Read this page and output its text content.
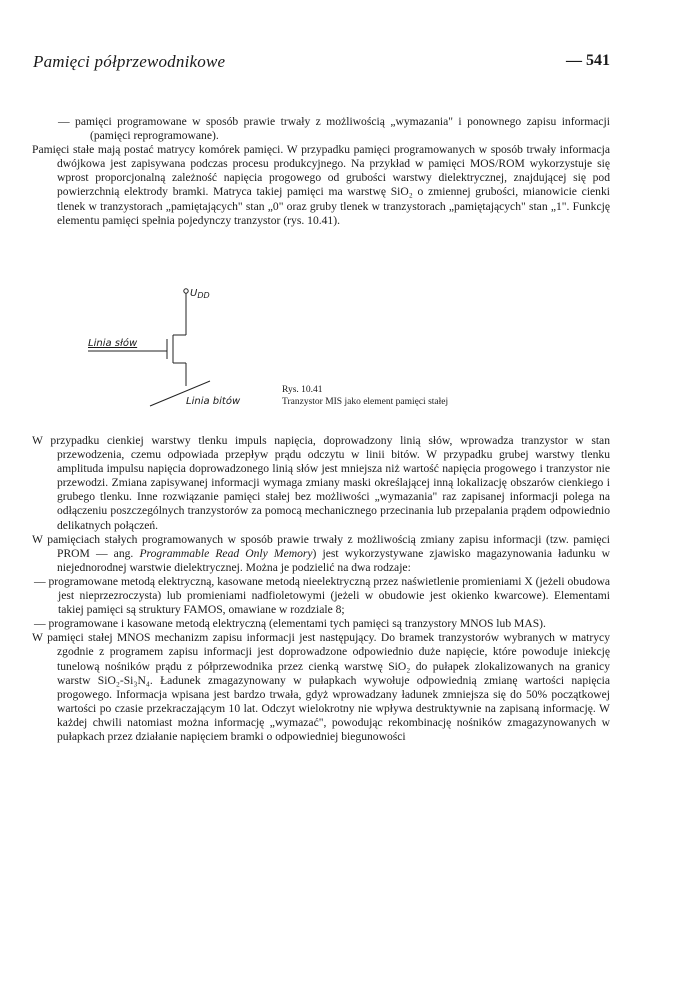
Pamięci półprzewodnikowe	— 541

— pamięci programowane w sposób prawie trwały z możliwością „wymazania" i ponownego zapisu informacji (pamięci reprogramowane).

Pamięci stałe mają postać matrycy komórek pamięci. W przypadku pamięci programowanych w sposób trwały informacja dwójkowa jest zapisywana podczas procesu produkcyjnego. Na przykład w pamięci MOS/ROM wykorzystuje się wprost proporcjonalną zależność napięcia progowego od grubości warstwy dielektrycznej, znajdującej się pod powierzchnią elektrody bramki. Matryca takiej pamięci ma warstwę SiO₂ o zmiennej grubości, mianowicie cienki tlenek w tranzystorach „pamiętających" stan „0" oraz gruby tlenek w tranzystorach „pamiętających" stan „1". Funkcję elementu pamięci spełnia pojedynczy tranzystor (rys. 10.41).

$U_{DD}$
Linia słów
Linia bitów
Rys. 10.41
Tranzystor MIS jako element pamięci stałej

W przypadku cienkiej warstwy tlenku impuls napięcia, doprowadzony linią słów, wprowadza tranzystor w stan przewodzenia, czemu odpowiada przepływ prądu odczytu w linii bitów. W przypadku grubej warstwy tlenku amplituda impulsu napięcia doprowadzonego linią słów jest mniejsza niż wartość napięcia progowego i tranzystor nie przewodzi. Zmiana zapisywanej informacji wymaga zmiany maski określającej inną lokalizację obszarów cienkiego i grubego tlenku. Inne rozwiązanie pamięci stałej bez możliwości „wymazania" raz zapisanej informacji polega na odłączeniu poszczególnych tranzystorów za pomocą mechanicznego przecinania lub przepalania prądem odpowiednio delikatnych połączeń.

W pamięciach stałych programowanych w sposób prawie trwały z możliwością zmiany zapisu informacji (tzw. pamięci PROM — ang. Programmable Read Only Memory) jest wykorzystywane zjawisko magazynowania ładunku w niejednorodnej warstwie dielektrycznej. Można je podzielić na dwa rodzaje:

— programowane metodą elektryczną, kasowane metodą nieelektryczną przez naświetlenie promieniami X (jeżeli obudowa jest nieprzezroczysta) lub promieniami nadfioletowymi (jeżeli w obudowie jest okienko kwarcowe). Elementami takiej pamięci są struktury FAMOS, omawiane w rozdziale 8;

— programowane i kasowane metodą elektryczną (elementami tych pamięci są tranzystory MNOS lub MAS).

W pamięci stałej MNOS mechanizm zapisu informacji jest następujący. Do bramek tranzystorów wybranych w matrycy zgodnie z programem zapisu informacji jest doprowadzone odpowiednio duże napięcie, które powoduje iniekcję tunelową nośników prądu z półprzewodnika przez cienką warstwę SiO₂ do pułapek zlokalizowanych na granicy warstw SiO₂-Si₃N₄. Ładunek zmagazynowany w pułapkach wywołuje odpowiednią zmianę wartości napięcia progowego. Informacja wpisana jest bardzo trwała, gdyż wprowadzany ładunek zmniejsza się do 50% początkowej wartości po czasie przekraczającym 10 lat. Odczyt wielokrotny nie wpływa destruktywnie na zapisaną informację. W każdej chwili natomiast można informację „wymazać", powodując rekombinację nośników zmagazynowanych w pułapkach przez działanie napięciem bramki o odpowiedniej biegunowości
